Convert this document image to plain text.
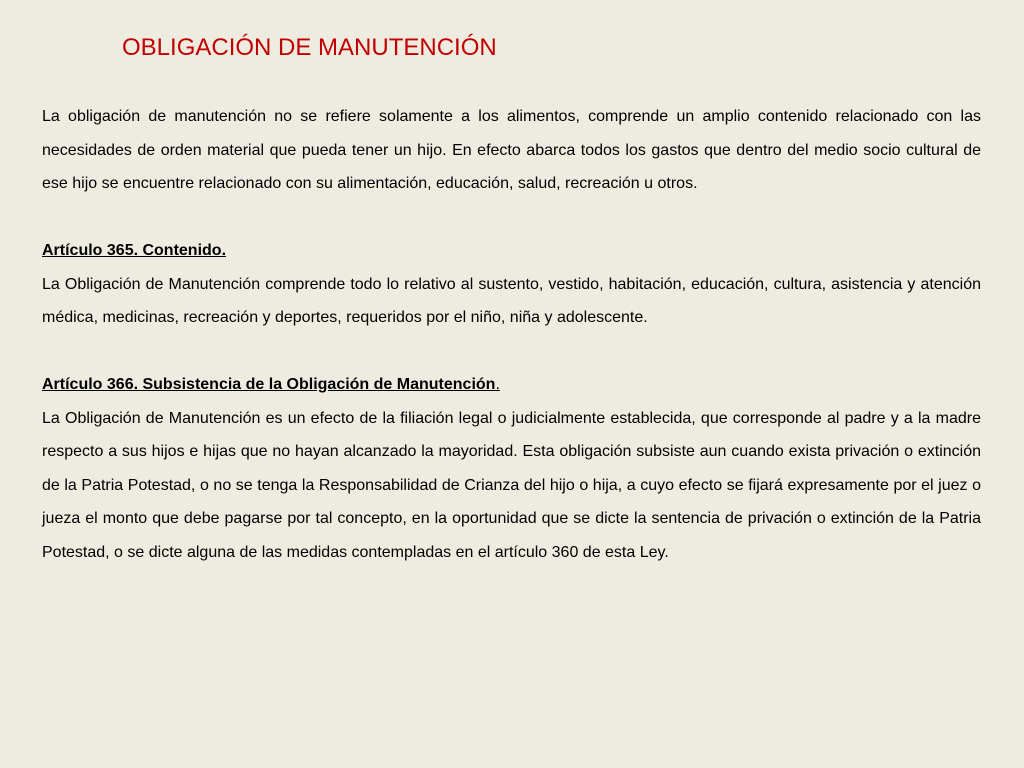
OBLIGACIÓN DE MANUTENCIÓN

La obligación de manutención no se refiere solamente a los alimentos, comprende un amplio contenido relacionado con las necesidades de orden material que pueda tener un hijo. En efecto abarca todos los gastos que dentro del medio socio cultural de ese hijo se encuentre relacionado con su alimentación, educación, salud, recreación u otros.

Artículo 365. Contenido.

La Obligación de Manutención comprende todo lo relativo al sustento, vestido, habitación, educación, cultura, asistencia y atención médica, medicinas, recreación y deportes, requeridos por el niño, niña y adolescente.

Artículo 366. Subsistencia de la Obligación de Manutención.

La Obligación de Manutención es un efecto de la filiación legal o judicialmente establecida, que corresponde al padre y a la madre respecto a sus hijos e hijas que no hayan alcanzado la mayoridad. Esta obligación subsiste aun cuando exista privación o extinción de la Patria Potestad, o no se tenga la Responsabilidad de Crianza del hijo o hija, a cuyo efecto se fijará expresamente por el juez o jueza el monto que debe pagarse por tal concepto, en la oportunidad que se dicte la sentencia de privación o extinción de la Patria Potestad, o se dicte alguna de las medidas contempladas en el artículo 360 de esta Ley.
